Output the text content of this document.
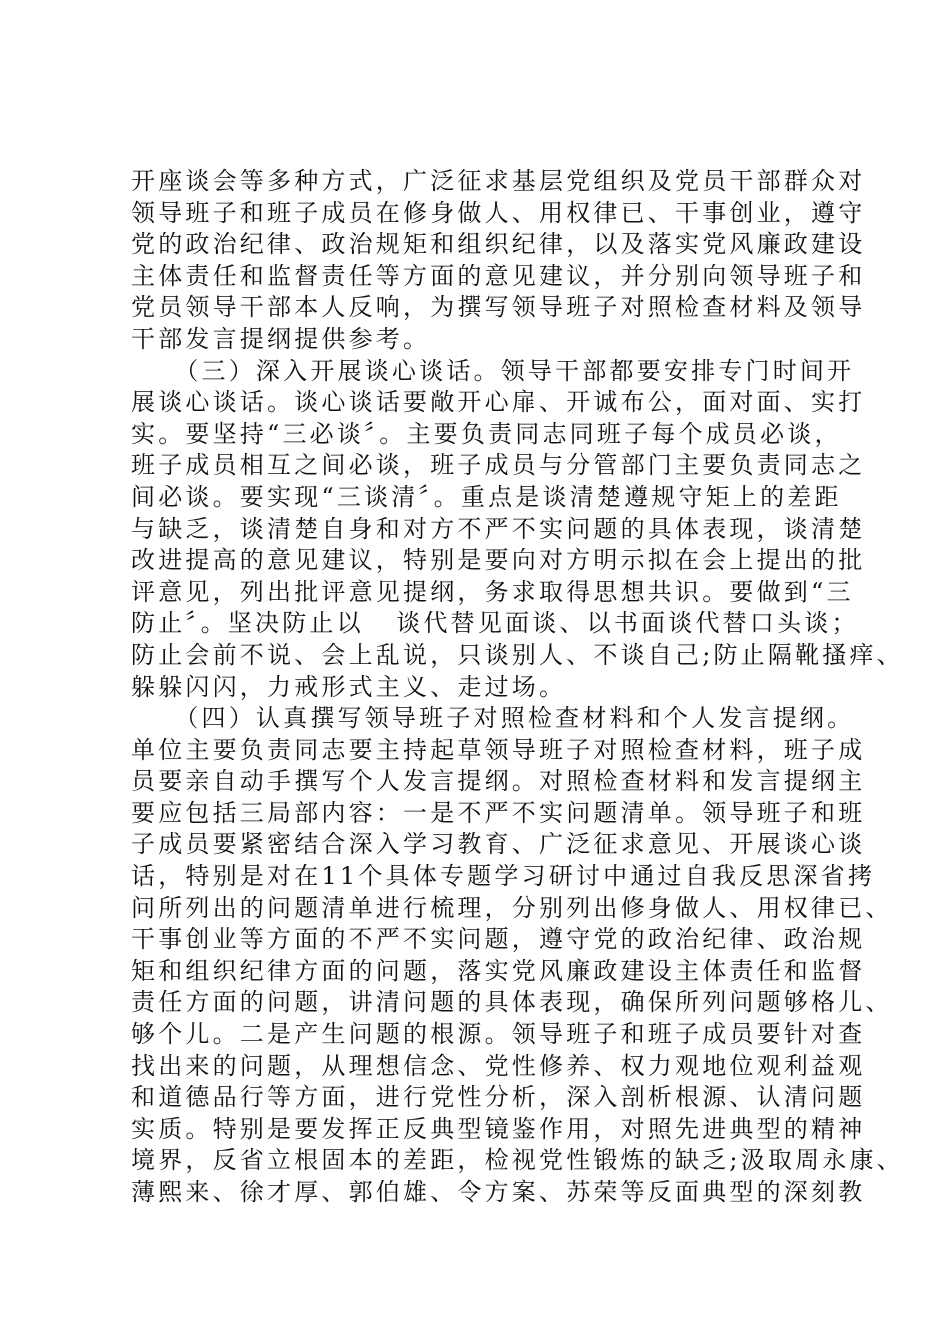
开座谈会等多种方式，广泛征求基层党组织及党员干部群众对
领导班子和班子成员在修身做人、用权律已、干事创业，遵守
党的政治纪律、政治规矩和组织纪律，以及落实党风廉政建设
主体责任和监督责任等方面的意见建议，并分别向领导班子和
党员领导干部本人反响，为撰写领导班子对照检查材料及领导
干部发言提纲提供参考。
（三）深入开展谈心谈话。领导干部都要安排专门时间开
展谈心谈话。谈心谈话要敞开心扉、开诚布公，面对面、实打
实。要坚持“三必谈〞。主要负责同志同班子每个成员必谈，
班子成员相互之间必谈，班子成员与分管部门主要负责同志之
间必谈。要实现“三谈清〞。重点是谈清楚遵规守矩上的差距
与缺乏，谈清楚自身和对方不严不实问题的具体表现，谈清楚
改进提高的意见建议，特别是要向对方明示拟在会上提出的批
评意见，列出批评意见提纲，务求取得思想共识。要做到“三
防止〞。坚决防止以   谈代替见面谈、以书面谈代替口头谈；
防止会前不说、会上乱说，只谈别人、不谈自己;防止隔靴搔痒、
躲躲闪闪，力戒形式主义、走过场。
（四）认真撰写领导班子对照检查材料和个人发言提纲。
单位主要负责同志要主持起草领导班子对照检查材料，班子成
员要亲自动手撰写个人发言提纲。对照检查材料和发言提纲主
要应包括三局部内容：一是不严不实问题清单。领导班子和班
子成员要紧密结合深入学习教育、广泛征求意见、开展谈心谈
话，特别是对在11个具体专题学习研讨中通过自我反思深省拷
问所列出的问题清单进行梳理，分别列出修身做人、用权律已、
干事创业等方面的不严不实问题，遵守党的政治纪律、政治规
矩和组织纪律方面的问题，落实党风廉政建设主体责任和监督
责任方面的问题，讲清问题的具体表现，确保所列问题够格儿、
够个儿。二是产生问题的根源。领导班子和班子成员要针对查
找出来的问题，从理想信念、党性修养、权力观地位观利益观
和道德品行等方面，进行党性分析，深入剖析根源、认清问题
实质。特别是要发挥正反典型镜鉴作用，对照先进典型的精神
境界，反省立根固本的差距，检视党性锻炼的缺乏;汲取周永康、
薄熙来、徐才厚、郭伯雄、令方案、苏荣等反面典型的深刻教
